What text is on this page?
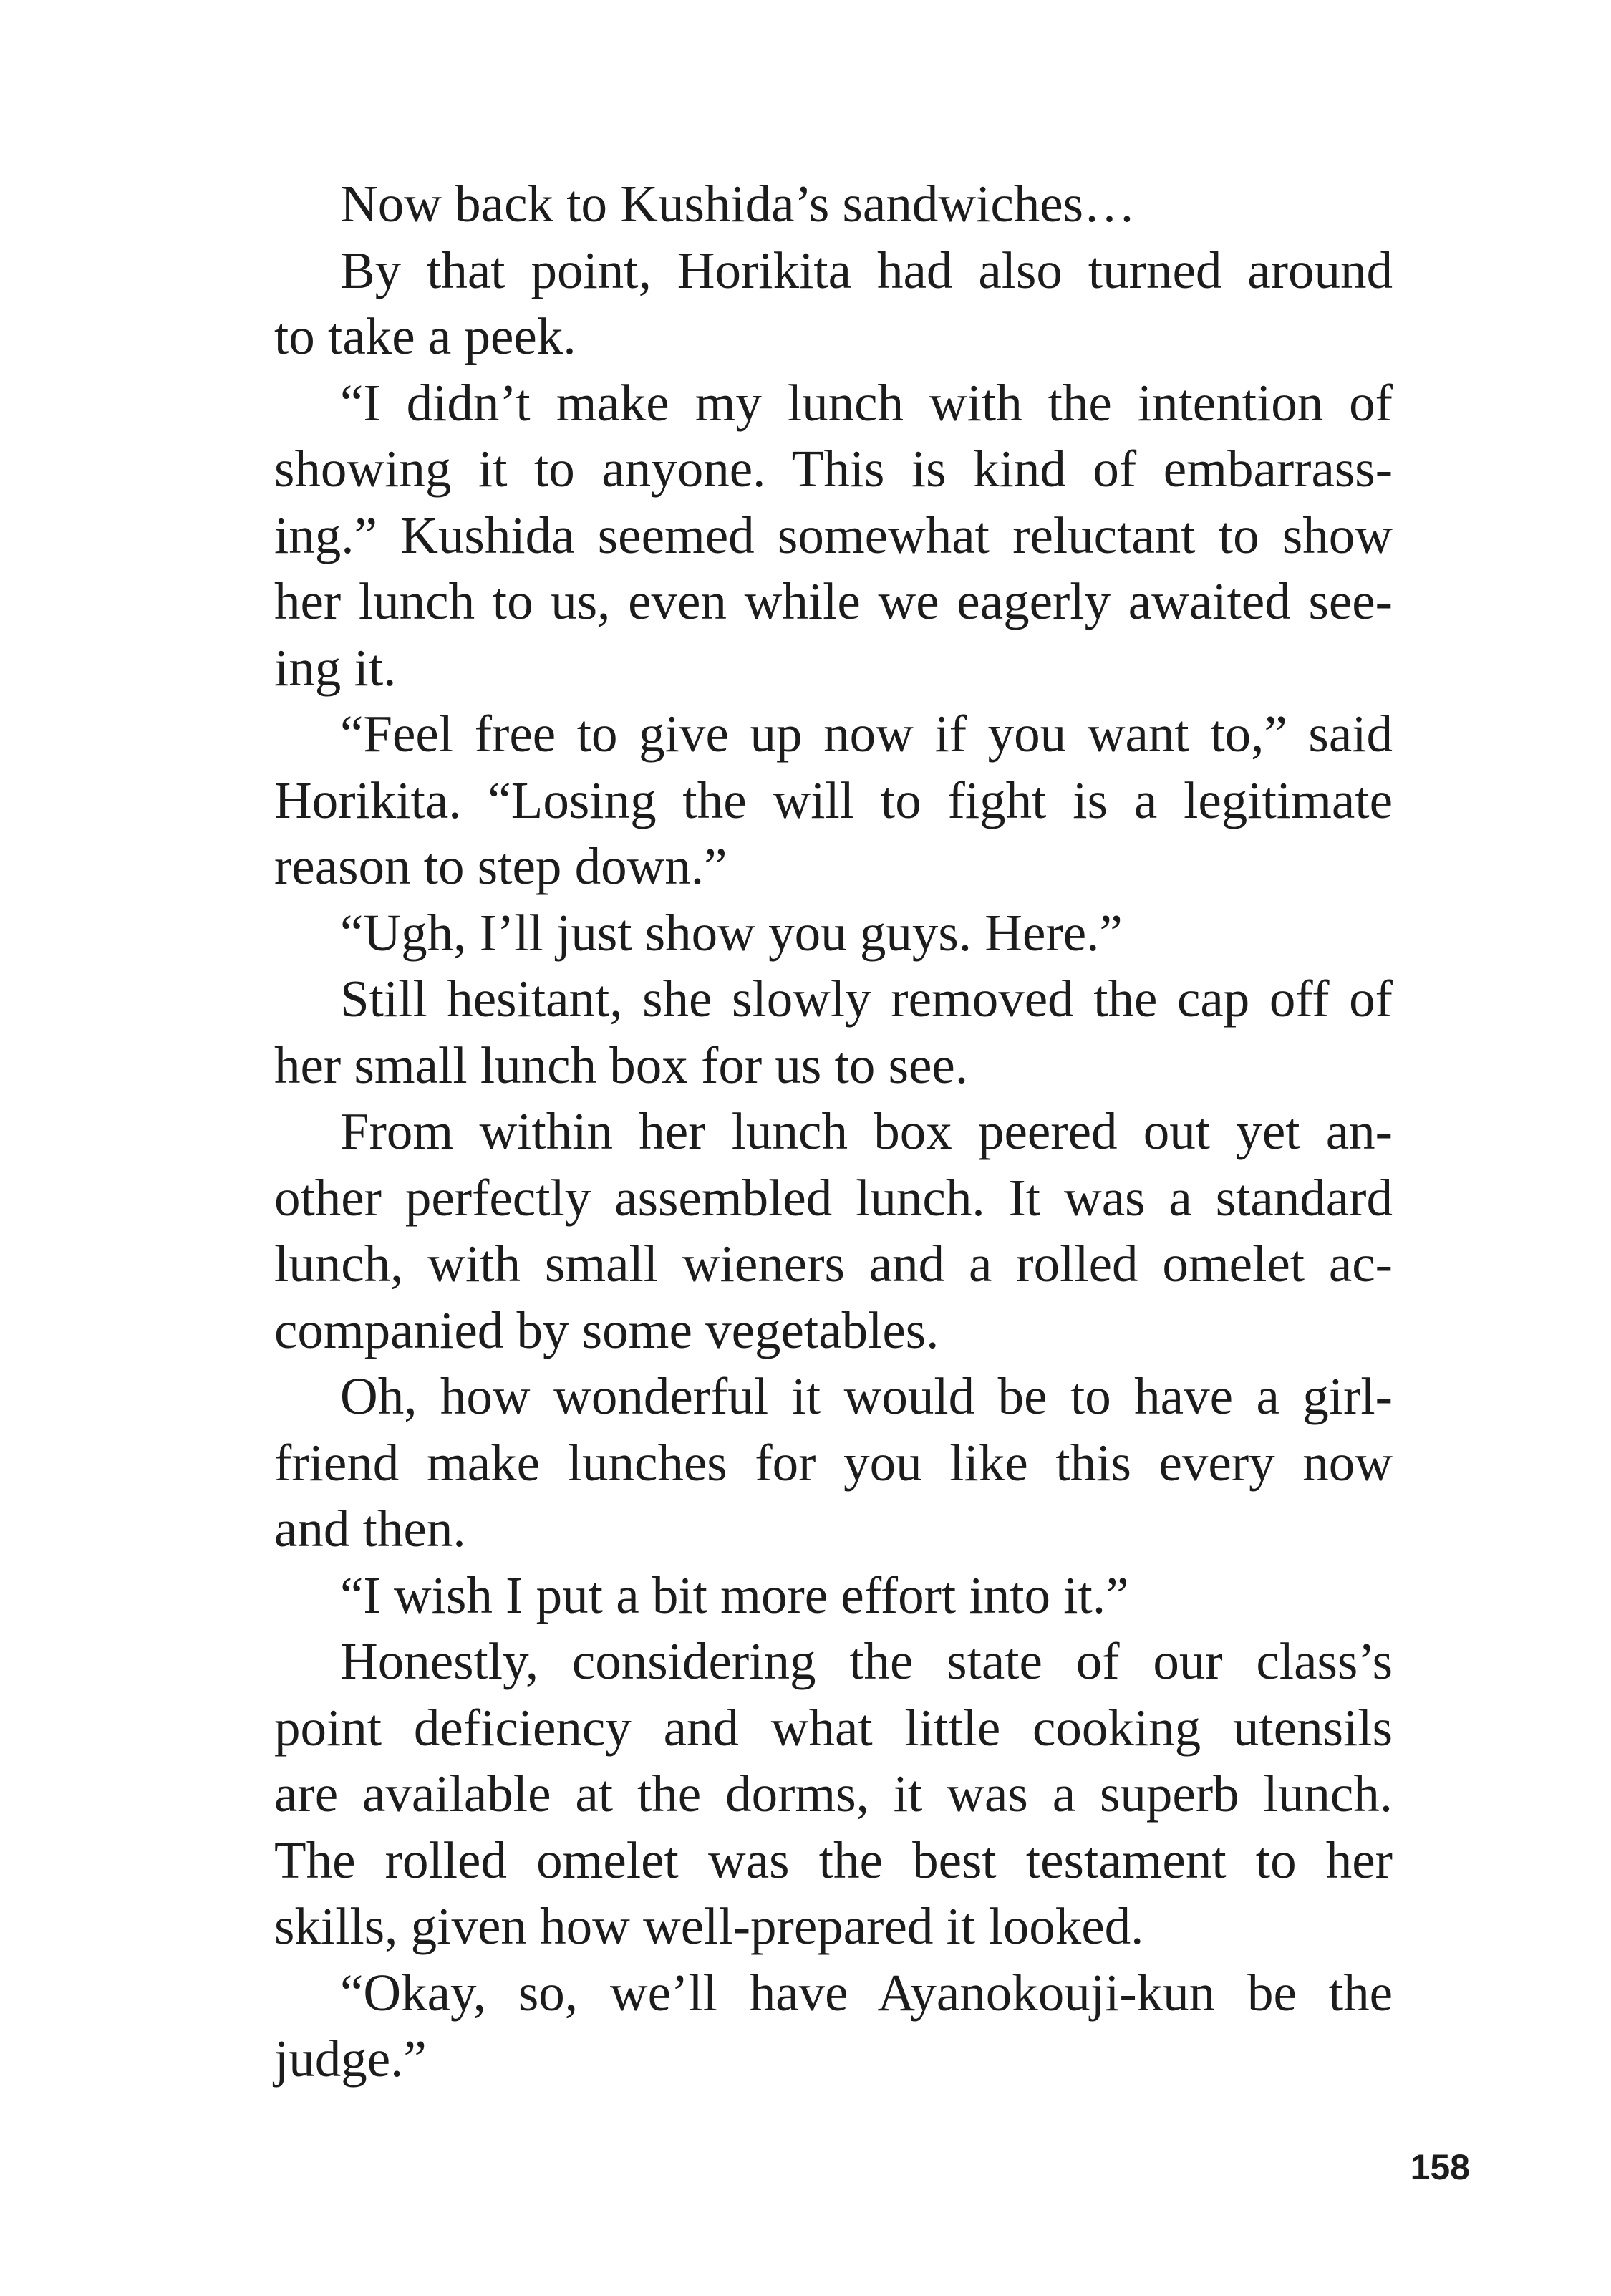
Now back to Kushida’s sandwiches…
By that point, Horikita had also turned around
to take a peek.
“I didn’t make my lunch with the intention of
showing it to anyone. This is kind of embarrass-
ing.” Kushida seemed somewhat reluctant to show
her lunch to us, even while we eagerly awaited see-
ing it.
“Feel free to give up now if you want to,” said
Horikita. “Losing the will to fight is a legitimate
reason to step down.”
“Ugh, I’ll just show you guys. Here.”
Still hesitant, she slowly removed the cap off of
her small lunch box for us to see.
From within her lunch box peered out yet an-
other perfectly assembled lunch. It was a standard
lunch, with small wieners and a rolled omelet ac-
companied by some vegetables.
Oh, how wonderful it would be to have a girl-
friend make lunches for you like this every now
and then.
“I wish I put a bit more effort into it.”
Honestly, considering the state of our class’s
point deficiency and what little cooking utensils
are available at the dorms, it was a superb lunch.
The rolled omelet was the best testament to her
skills, given how well-prepared it looked.
“Okay, so, we’ll have Ayanokouji-kun be the
judge.”
158
